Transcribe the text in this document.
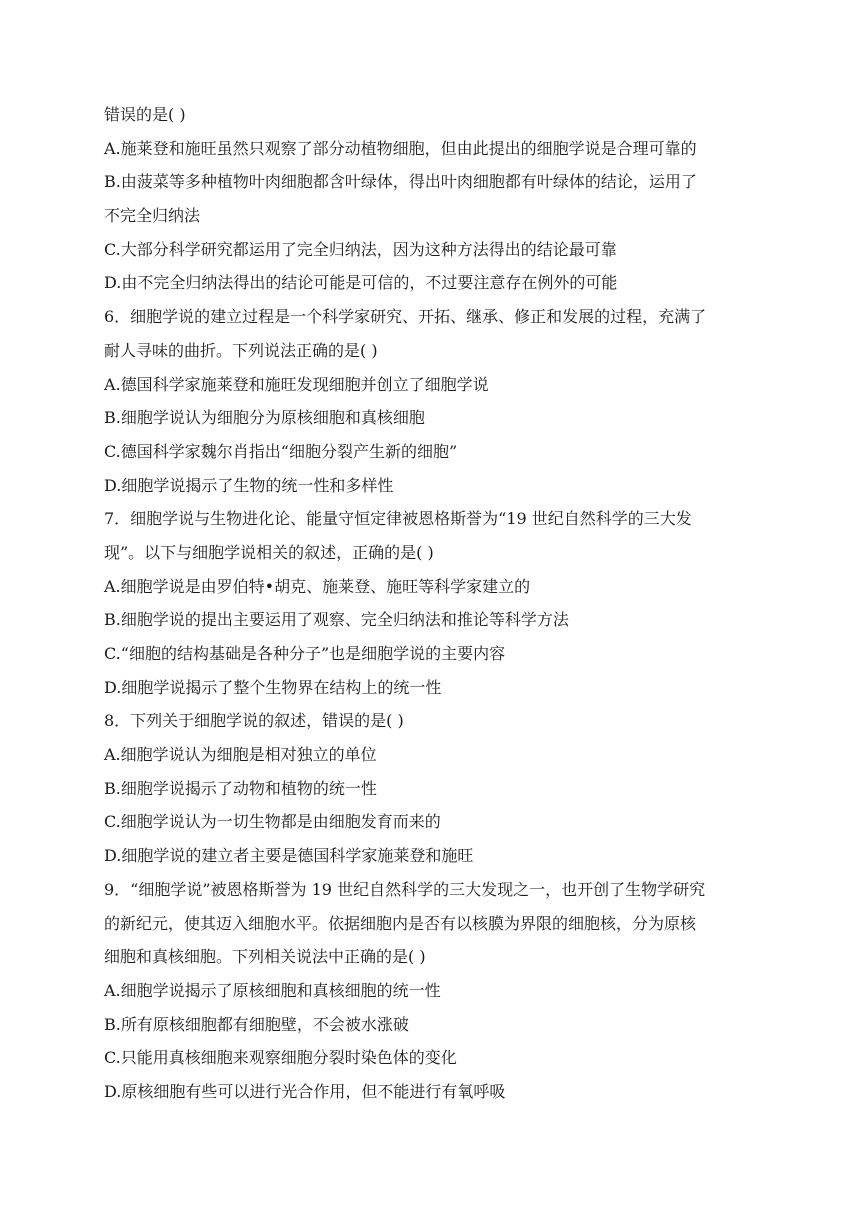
错误的是( )
A.施莱登和施旺虽然只观察了部分动植物细胞，但由此提出的细胞学说是合理可靠的
B.由菠菜等多种植物叶肉细胞都含叶绿体，得出叶肉细胞都有叶绿体的结论，运用了
不完全归纳法
C.大部分科学研究都运用了完全归纳法，因为这种方法得出的结论最可靠
D.由不完全归纳法得出的结论可能是可信的，不过要注意存在例外的可能
6．细胞学说的建立过程是一个科学家研究、开拓、继承、修正和发展的过程，充满了
耐人寻味的曲折。下列说法正确的是( )
A.德国科学家施莱登和施旺发现细胞并创立了细胞学说
B.细胞学说认为细胞分为原核细胞和真核细胞
C.德国科学家魏尔肖指出“细胞分裂产生新的细胞”
D.细胞学说揭示了生物的统一性和多样性
7．细胞学说与生物进化论、能量守恒定律被恩格斯誉为“19 世纪自然科学的三大发
现”。以下与细胞学说相关的叙述，正确的是( )
A.细胞学说是由罗伯特•胡克、施莱登、施旺等科学家建立的
B.细胞学说的提出主要运用了观察、完全归纳法和推论等科学方法
C.“细胞的结构基础是各种分子”也是细胞学说的主要内容
D.细胞学说揭示了整个生物界在结构上的统一性
8．下列关于细胞学说的叙述，错误的是( )
A.细胞学说认为细胞是相对独立的单位
B.细胞学说揭示了动物和植物的统一性
C.细胞学说认为一切生物都是由细胞发育而来的
D.细胞学说的建立者主要是德国科学家施莱登和施旺
9．“细胞学说”被恩格斯誉为 19 世纪自然科学的三大发现之一，也开创了生物学研究
的新纪元，使其迈入细胞水平。依据细胞内是否有以核膜为界限的细胞核，分为原核
细胞和真核细胞。下列相关说法中正确的是( )
A.细胞学说揭示了原核细胞和真核细胞的统一性
B.所有原核细胞都有细胞壁，不会被水涨破
C.只能用真核细胞来观察细胞分裂时染色体的变化
D.原核细胞有些可以进行光合作用，但不能进行有氧呼吸
